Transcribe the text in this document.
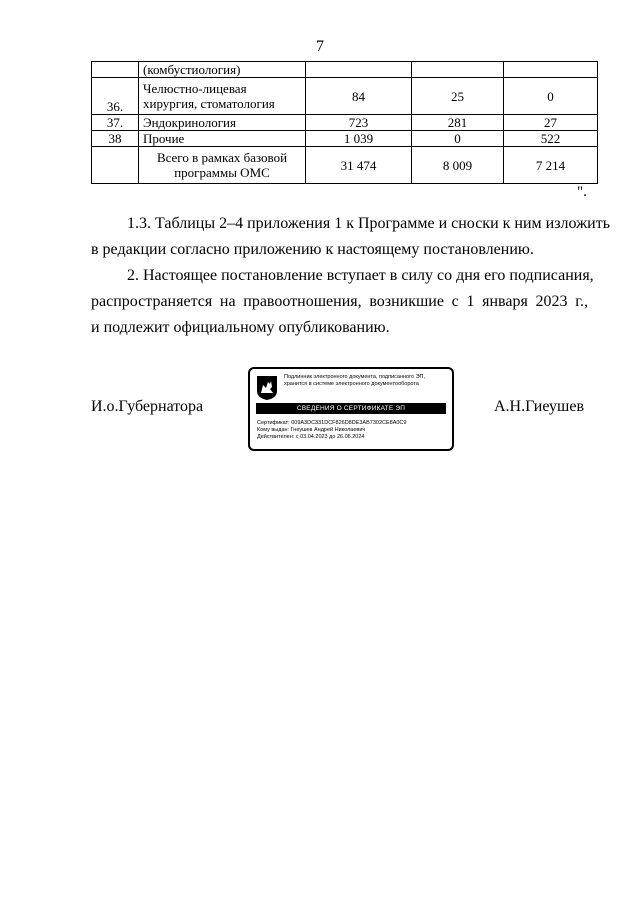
7
	(комбустиология)			
36.	Челюстно-лицевая хирургия, стоматология	84	25	0
37.	Эндокринология	723	281	27
38	Прочие	1 039	0	522
	Всего в рамках базовой программы ОМС	31 474	8 009	7 214
".
1.3. Таблицы 2–4 приложения 1 к Программе и сноски к ним изложить
в редакции согласно приложению к настоящему постановлению.
2. Настоящее постановление вступает в силу со дня его подписания,
распространяется на правоотношения, возникшие с 1 января 2023 г.,
и подлежит официальному опубликованию.
И.о.Губернатора
Подлинник электронного документа, подписанного ЭП,
хранится в системе электронного документооборота
СВЕДЕНИЯ О СЕРТИФИКАТЕ ЭП
Сертификат: 009A3DC331DCF826D8DE3AB7302CE8A0C9
Кому выдан: Гнеушев Андрей Николаевич
Действителен: с 03.04.2023 до 26.06.2024
А.Н.Гиеушев
